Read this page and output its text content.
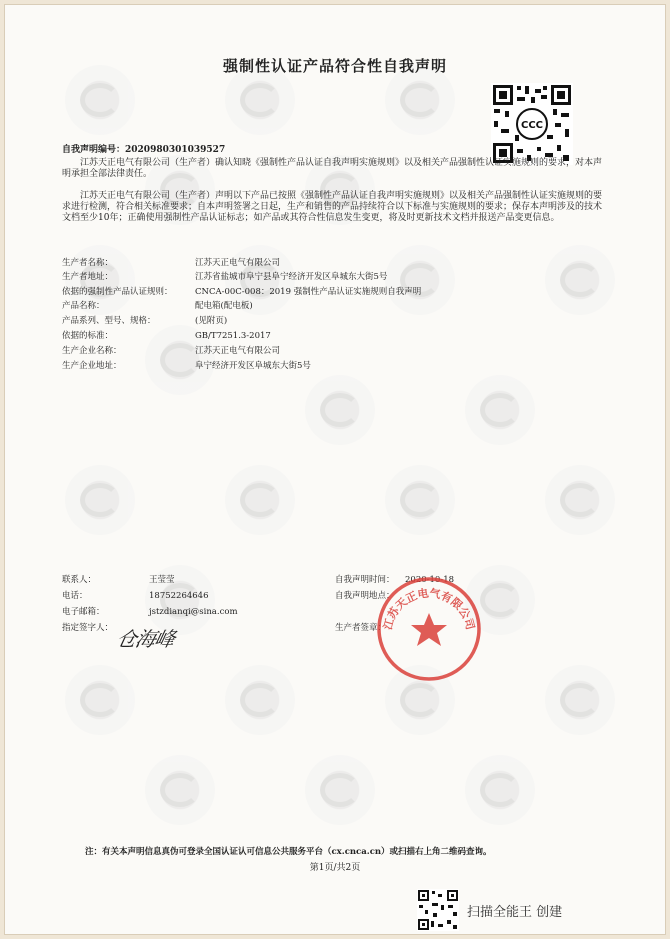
强制性认证产品符合性自我声明
CCC
自我声明编号：2020980301039527
江苏天正电气有限公司（生产者）确认知晓《强制性产品认证自我声明实施规则》以及相关产品强制性认证实施规则的要求，对本声明承担全部法律责任。
江苏天正电气有限公司（生产者）声明以下产品已按照《强制性产品认证自我声明实施规则》以及相关产品强制性认证实施规则的要求进行检测，符合相关标准要求；自本声明签署之日起，生产和销售的产品持续符合以下标准与实施规则的要求；保存本声明涉及的技术文档至少10年；正确使用强制性产品认证标志；如产品或其符合性信息发生变更，将及时更新技术文档并报送产品变更信息。
生产者名称：	江苏天正电气有限公司
生产者地址：	江苏省盐城市阜宁县阜宁经济开发区阜城东大街5号
依据的强制性产品认证规则：	CNCA-00C-008：2019 强制性产品认证实施规则自我声明
产品名称：	配电箱(配电板)
产品系列、型号、规格：	(见附页)
依据的标准：	GB/T7251.3-2017
生产企业名称：	江苏天正电气有限公司
生产企业地址：	阜宁经济开发区阜城东大街5号
联系人：	王莹莹
电话：	18752264646
电子邮箱：	jstzdianqi@sina.com
指定签字人： 仓海峰
自我声明时间： 2020-10-18
自我声明地点：
生产者签章：
江苏天正电气有限公司
注：有关本声明信息真伪可登录全国认证认可信息公共服务平台（cx.cnca.cn）或扫描右上角二维码查询。
第1页/共2页
扫描全能王 创建
